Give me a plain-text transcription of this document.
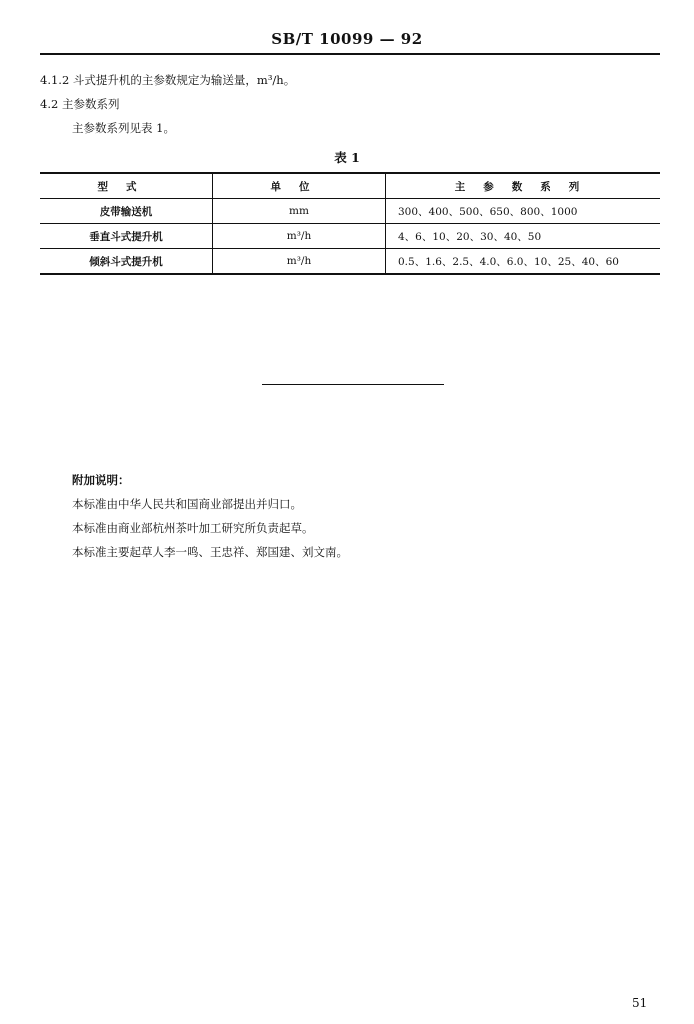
SB/T 10099 — 92
4.1.2 斗式提升机的主参数规定为输送量，m³/h。
4.2 主参数系列
主参数系列见表 1。
表 1
型式	单位	主参数系列
皮带输送机	mm	300、400、500、650、800、1000
垂直斗式提升机	m³/h	4、6、10、20、30、40、50
倾斜斗式提升机	m³/h	0.5、1.6、2.5、4.0、6.0、10、25、40、60
附加说明：
本标准由中华人民共和国商业部提出并归口。
本标准由商业部杭州茶叶加工研究所负责起草。
本标准主要起草人李一鸣、王忠祥、郑国建、刘文南。
51
